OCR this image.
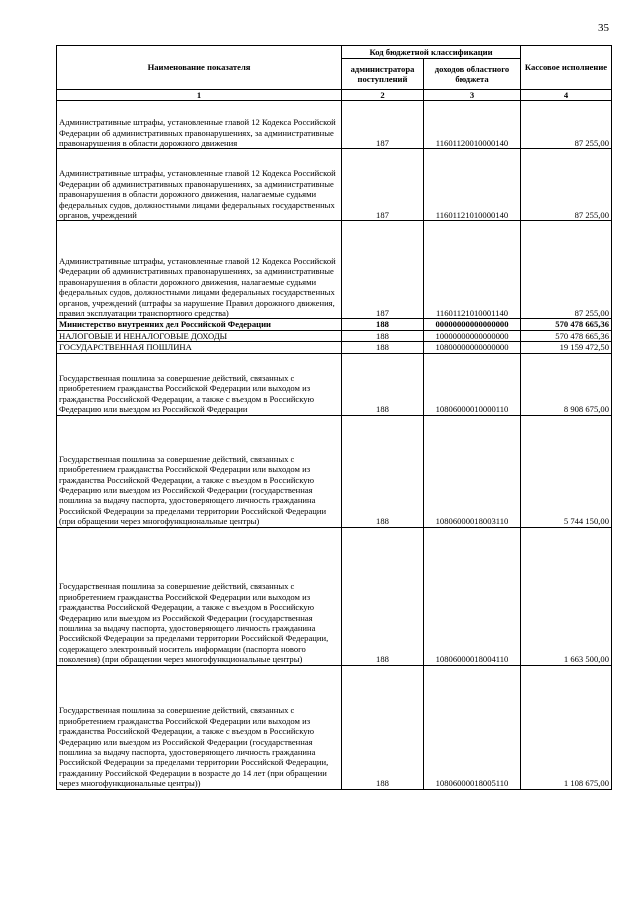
35
Наименование показателя	Код бюджетной классификации		Кассовое исполнение
	администратора поступлений	доходов областного бюджета	
1	2	3	4
Административные штрафы, установленные главой 12 Кодекса Российской Федерации об административных правонарушениях, за административные правонарушения в области дорожного движения	187	11601120010000140	87 255,00
Административные штрафы, установленные главой 12 Кодекса Российской Федерации об административных правонарушениях, за административные правонарушения в области дорожного движения, налагаемые судьями федеральных судов, должностными лицами федеральных государственных органов, учреждений	187	11601121010000140	87 255,00
Административные штрафы, установленные главой 12 Кодекса Российской Федерации об административных правонарушениях, за административные правонарушения в области дорожного движения, налагаемые судьями федеральных судов, должностными лицами федеральных государственных органов, учреждений (штрафы за нарушение Правил дорожного движения, правил эксплуатации транспортного средства)	187	11601121010001140	87 255,00
Министерство внутренних дел Российской Федерации	188	00000000000000000	570 478 665,36
НАЛОГОВЫЕ И НЕНАЛОГОВЫЕ ДОХОДЫ	188	10000000000000000	570 478 665,36
ГОСУДАРСТВЕННАЯ ПОШЛИНА	188	10800000000000000	19 159 472,50
Государственная пошлина за совершение действий, связанных с приобретением гражданства Российской Федерации или выходом из гражданства Российской Федерации, а также с въездом в Российскую Федерацию или выездом из Российской Федерации	188	10806000010000110	8 908 675,00
Государственная пошлина за совершение действий, связанных с приобретением гражданства Российской Федерации или выходом из гражданства Российской Федерации, а также с въездом в Российскую Федерацию или выездом из Российской Федерации (государственная пошлина за выдачу паспорта, удостоверяющего личность гражданина Российской Федерации за пределами территории Российской Федерации (при обращении через многофункциональные центры)	188	10806000018003110	5 744 150,00
Государственная пошлина за совершение действий, связанных с приобретением гражданства Российской Федерации или выходом из гражданства Российской Федерации, а также с въездом в Российскую Федерацию или выездом из Российской Федерации (государственная пошлина за выдачу паспорта, удостоверяющего личность гражданина Российской Федерации за пределами территории Российской Федерации, содержащего электронный носитель информации (паспорта нового поколения) (при обращении через многофункциональные центры)	188	10806000018004110	1 663 500,00
Государственная пошлина за совершение действий, связанных с приобретением гражданства Российской Федерации или выходом из гражданства Российской Федерации, а также с въездом в Российскую Федерацию или выездом из Российской Федерации (государственная пошлина за выдачу паспорта, удостоверяющего личность гражданина Российской Федерации за пределами территории Российской Федерации, гражданину Российской Федерации в возрасте до 14 лет (при обращении через многофункциональные центры))	188	10806000018005110	1 108 675,00
